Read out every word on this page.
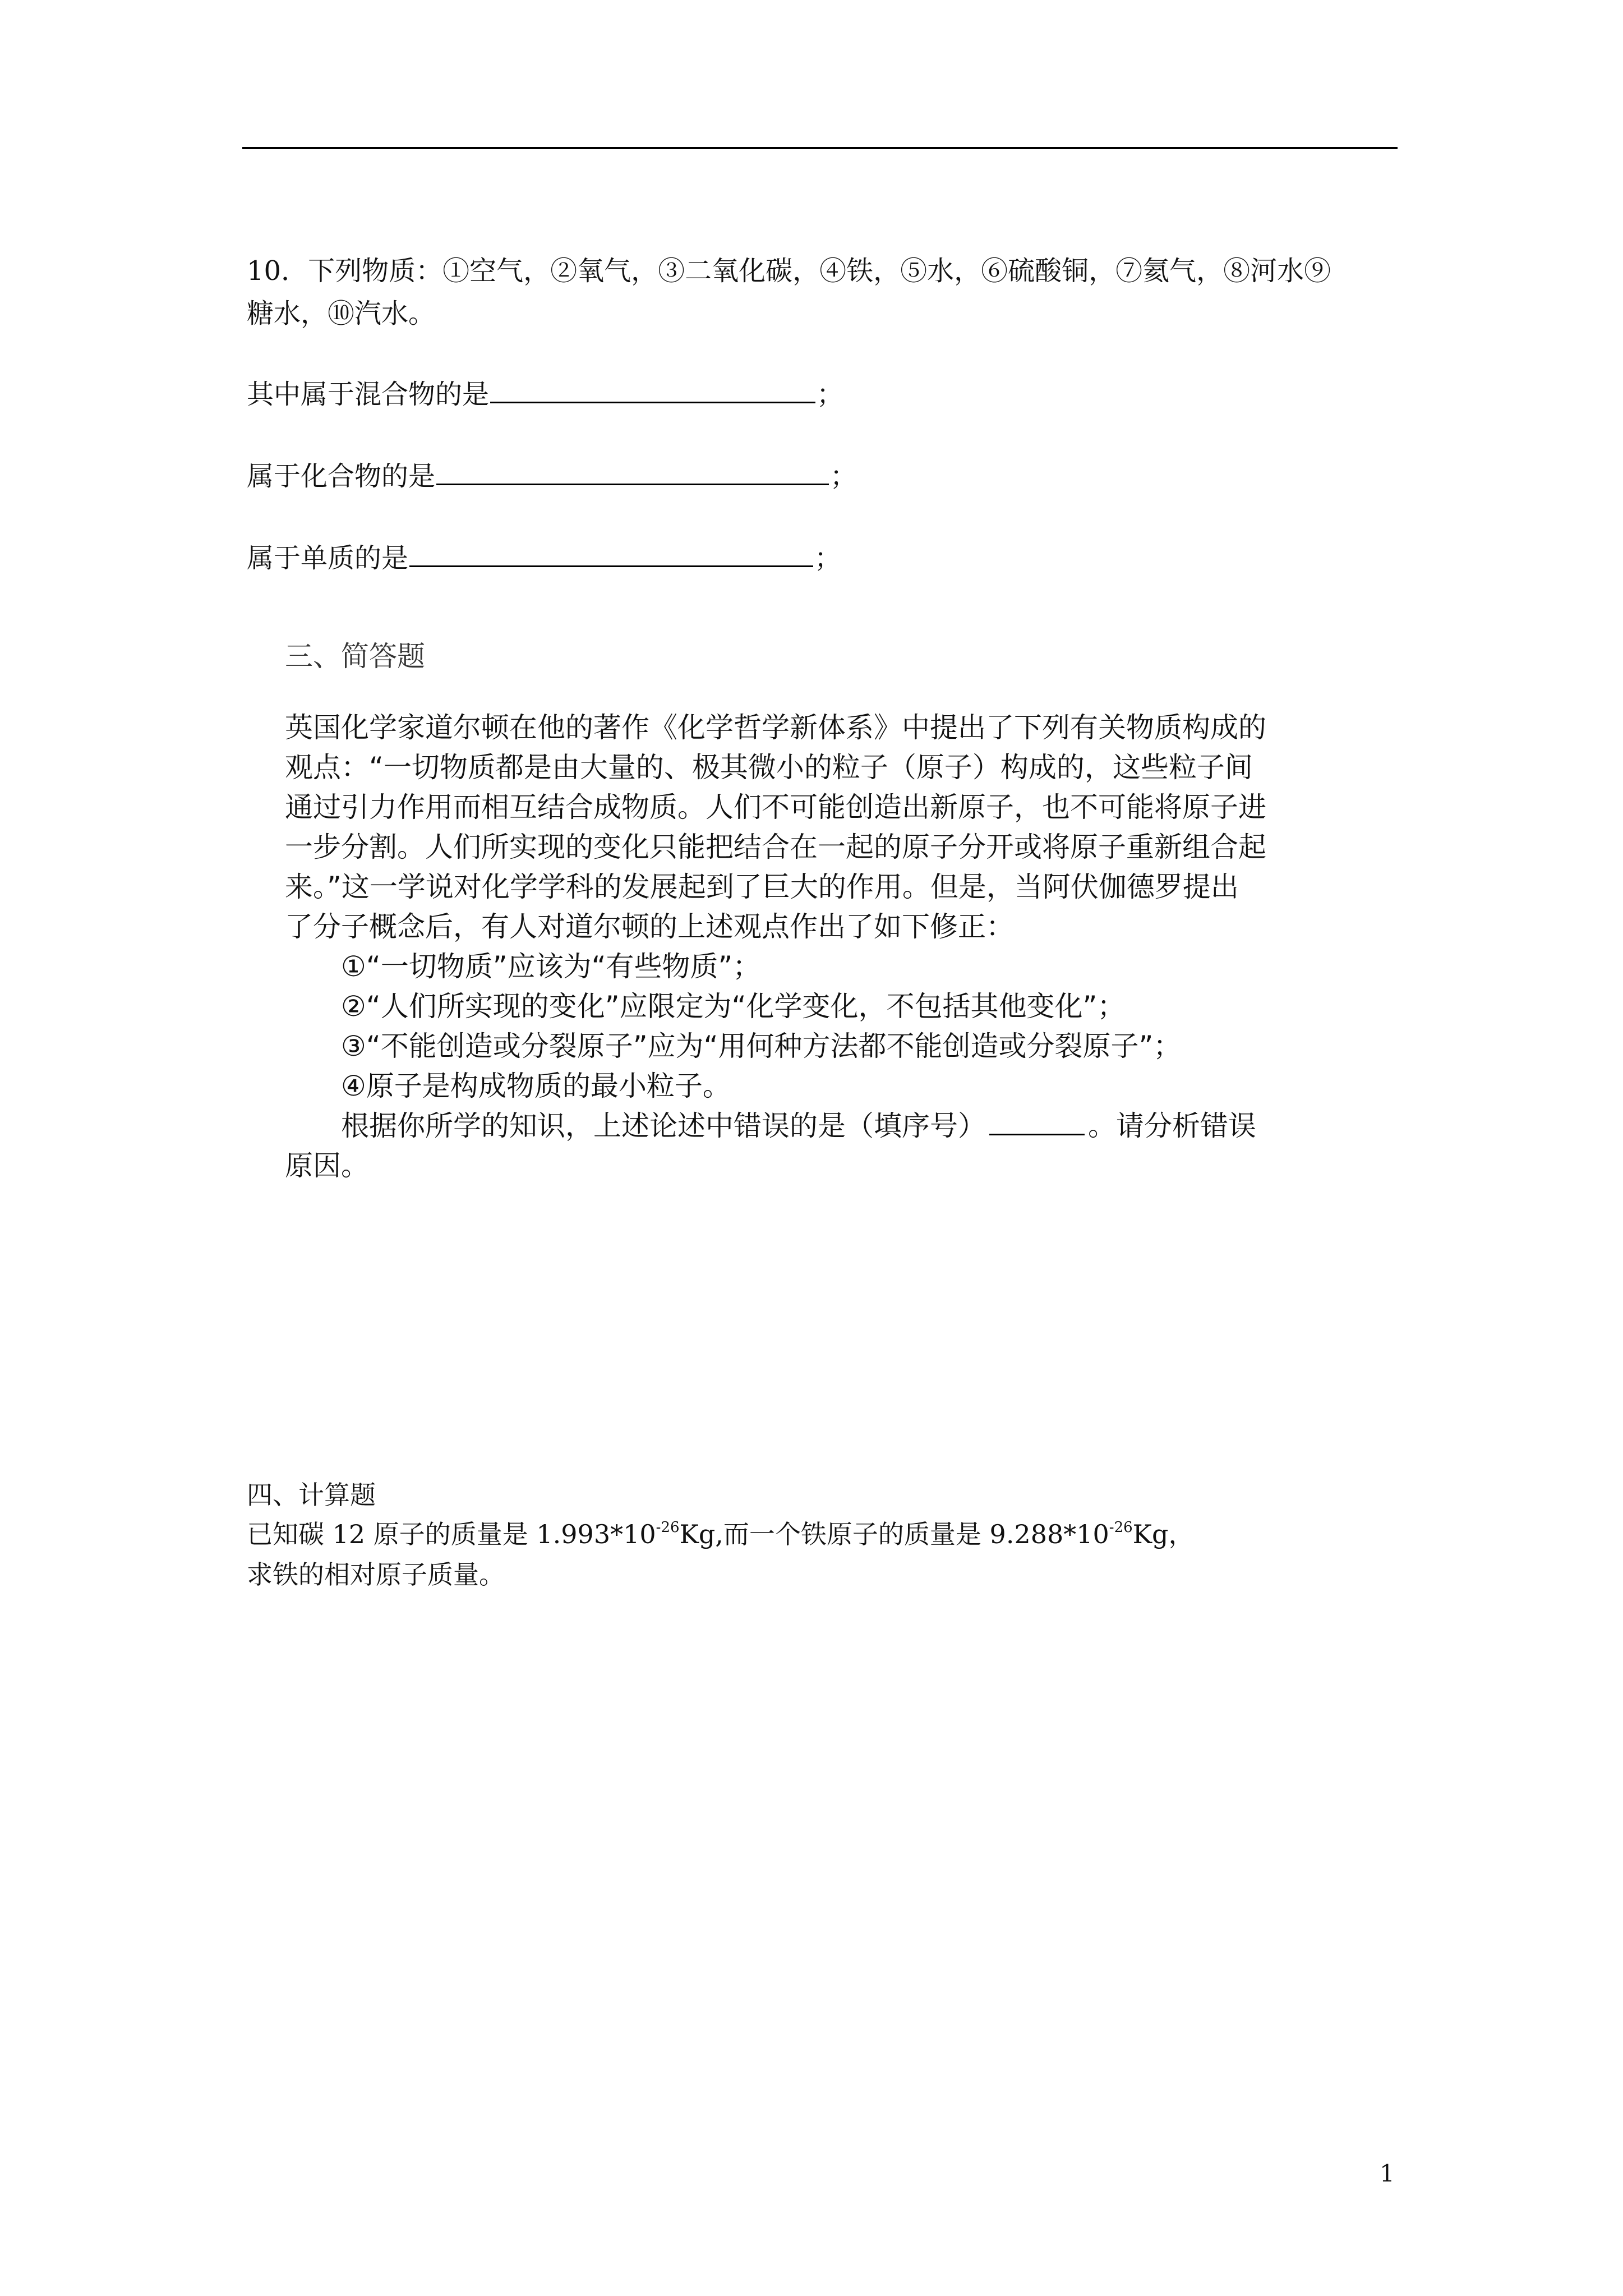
10．下列物质：①空气，②氧气，③二氧化碳，④铁，⑤水，⑥硫酸铜，⑦氦气，⑧河水⑨
糖水，⑩汽水。
其中属于混合物的是	；
属于化合物的是	；
属于单质的是	；
三、简答题
英国化学家道尔顿在他的著作《化学哲学新体系》中提出了下列有关物质构成的
观点：“一切物质都是由大量的、极其微小的粒子（原子）构成的，这些粒子间
通过引力作用而相互结合成物质。人们不可能创造出新原子，也不可能将原子进
一步分割。人们所实现的变化只能把结合在一起的原子分开或将原子重新组合起
来。”这一学说对化学学科的发展起到了巨大的作用。但是，当阿伏伽德罗提出
了分子概念后，有人对道尔顿的上述观点作出了如下修正：
①“一切物质”应该为“有些物质”；
②“人们所实现的变化”应限定为“化学变化，不包括其他变化”；
③“不能创造或分裂原子”应为“用何种方法都不能创造或分裂原子”；
④原子是构成物质的最小粒子。
根据你所学的知识，上述论述中错误的是（填序号）	。请分析错误
原因。
四、计算题
已知碳 12 原子的质量是 $1.993*10^{-26}Kg$,而一个铁原子的质量是 $9.288*10^{-26}Kg$，
求铁的相对原子质量。
1
